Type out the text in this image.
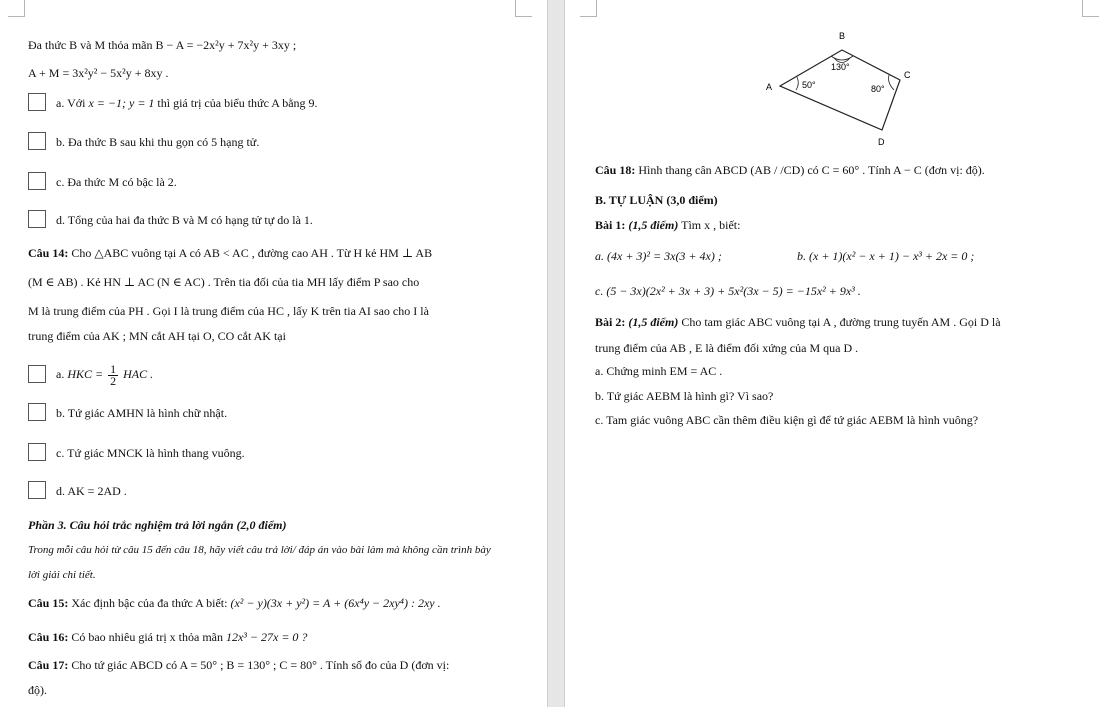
Đa thức B và M thỏa mãn B − A = −2x²y + 7x²y + 3xy ;
A + M = 3x²y² − 5x²y + 8xy .
a. Với x = −1; y = 1 thì giá trị của biểu thức A bằng 9.
b. Đa thức B sau khi thu gọn có 5 hạng tử.
c. Đa thức M có bậc là 2.
d. Tổng của hai đa thức B và M có hạng tử tự do là 1.
Câu 14: Cho △ABC vuông tại A có AB < AC , đường cao AH . Từ H kẻ HM ⊥ AB
(M ∈ AB) . Kẻ HN ⊥ AC (N ∈ AC) . Trên tia đối của tia MH lấy điểm P sao cho
M là trung điểm của PH . Gọi I là trung điểm của HC , lấy K trên tia AI sao cho I là
trung điểm của AK ; MN cắt AH tại O, CO cắt AK tại
a. HKC = $\frac{1}{2}$ HAC .
b. Tứ giác AMHN là hình chữ nhật.
c. Tứ giác MNCK là hình thang vuông.
d. AK = 2AD .
Phần 3. Câu hỏi trắc nghiệm trả lời ngắn (2,0 điểm)
Trong mỗi câu hỏi từ câu 15 đến câu 18, hãy viết câu trả lời/ đáp án vào bài làm mà không cần trình bày
lời giải chi tiết.
Câu 15: Xác định bậc của đa thức A biết: (x² − y)(3x + y²) = A + (6x⁴y − 2xy⁴) : 2xy .
Câu 16: Có bao nhiêu giá trị x thỏa mãn 12x³ − 27x = 0 ?
Câu 17: Cho tứ giác ABCD có A = 50° ; B = 130° ; C = 80° . Tính số đo của D (đơn vị:
độ).
B
C
A
D
50°
130°
80°
Câu 18: Hình thang cân ABCD (AB / /CD) có C = 60° . Tính A − C (đơn vị: độ).
B. TỰ LUẬN (3,0 điểm)
Bài 1: (1,5 điểm) Tìm x , biết:
a. (4x + 3)² = 3x(3 + 4x) ;	b. (x + 1)(x² − x + 1) − x³ + 2x = 0 ;
c. (5 − 3x)(2x² + 3x + 3) + 5x²(3x − 5) = −15x² + 9x³ .
Bài 2: (1,5 điểm) Cho tam giác ABC vuông tại A , đường trung tuyến AM . Gọi D là
trung điểm của AB , E là điểm đối xứng của M qua D .
a. Chứng minh EM = AC .
b. Tứ giác AEBM là hình gì? Vì sao?
c. Tam giác vuông ABC cần thêm điều kiện gì để tứ giác AEBM là hình vuông?
